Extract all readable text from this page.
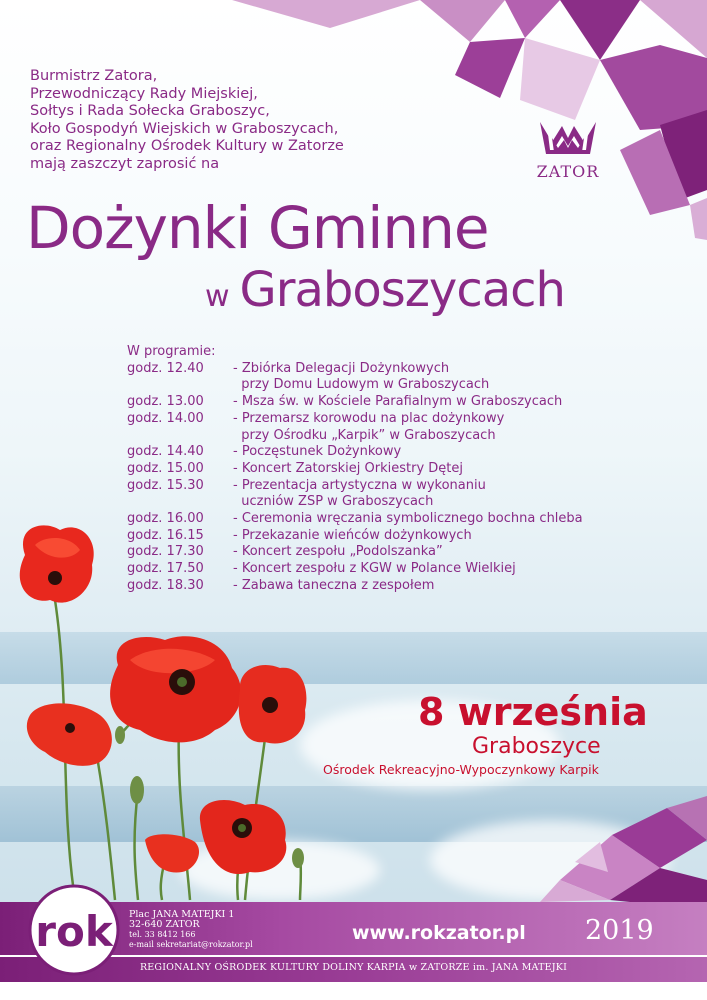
Burmistrz Zatora,
Przewodniczący Rady Miejskiej,
Sołtys i Rada Sołecka Graboszyc,
Koło Gospodyń Wiejskich w Graboszycach,
oraz Regionalny Ośrodek Kultury w Zatorze
mają zaszczyt zaprosić na	ZATOR
Dożynki Gminne
w Graboszycach
W programie:
godz. 12.40	- Zbiórka Delegacji Dożynkowych
przy Domu Ludowym w Graboszycach
godz. 13.00	- Msza św. w Kościele Parafialnym w Graboszycach
godz. 14.00	- Przemarsz korowodu na plac dożynkowy
przy Ośrodku „Karpik” w Graboszycach
godz. 14.40	- Poczęstunek Dożynkowy
godz. 15.00	- Koncert Zatorskiej Orkiestry Dętej
godz. 15.30	- Prezentacja artystyczna w wykonaniu
uczniów ZSP w Graboszycach
godz. 16.00	- Ceremonia wręczania symbolicznego bochna chleba
godz. 16.15	- Przekazanie wieńców dożynkowych
godz. 17.30	- Koncert zespołu „Podolszanka”
godz. 17.50	- Koncert zespołu z KGW w Polance Wielkiej
godz. 18.30	- Zabawa taneczna z zespołem
8 września
Graboszyce
Ośrodek Rekreacyjno-Wypoczynkowy Karpik
rok Plac JANA MATEJKI 1
32-640 ZATOR
tel. 33 8412 166
e-mail sekretariat@rokzator.pl
www.rokzator.pl 2019
REGIONALNY OŚRODEK KULTURY DOLINY KARPIA w ZATORZE im. JANA MATEJKI
